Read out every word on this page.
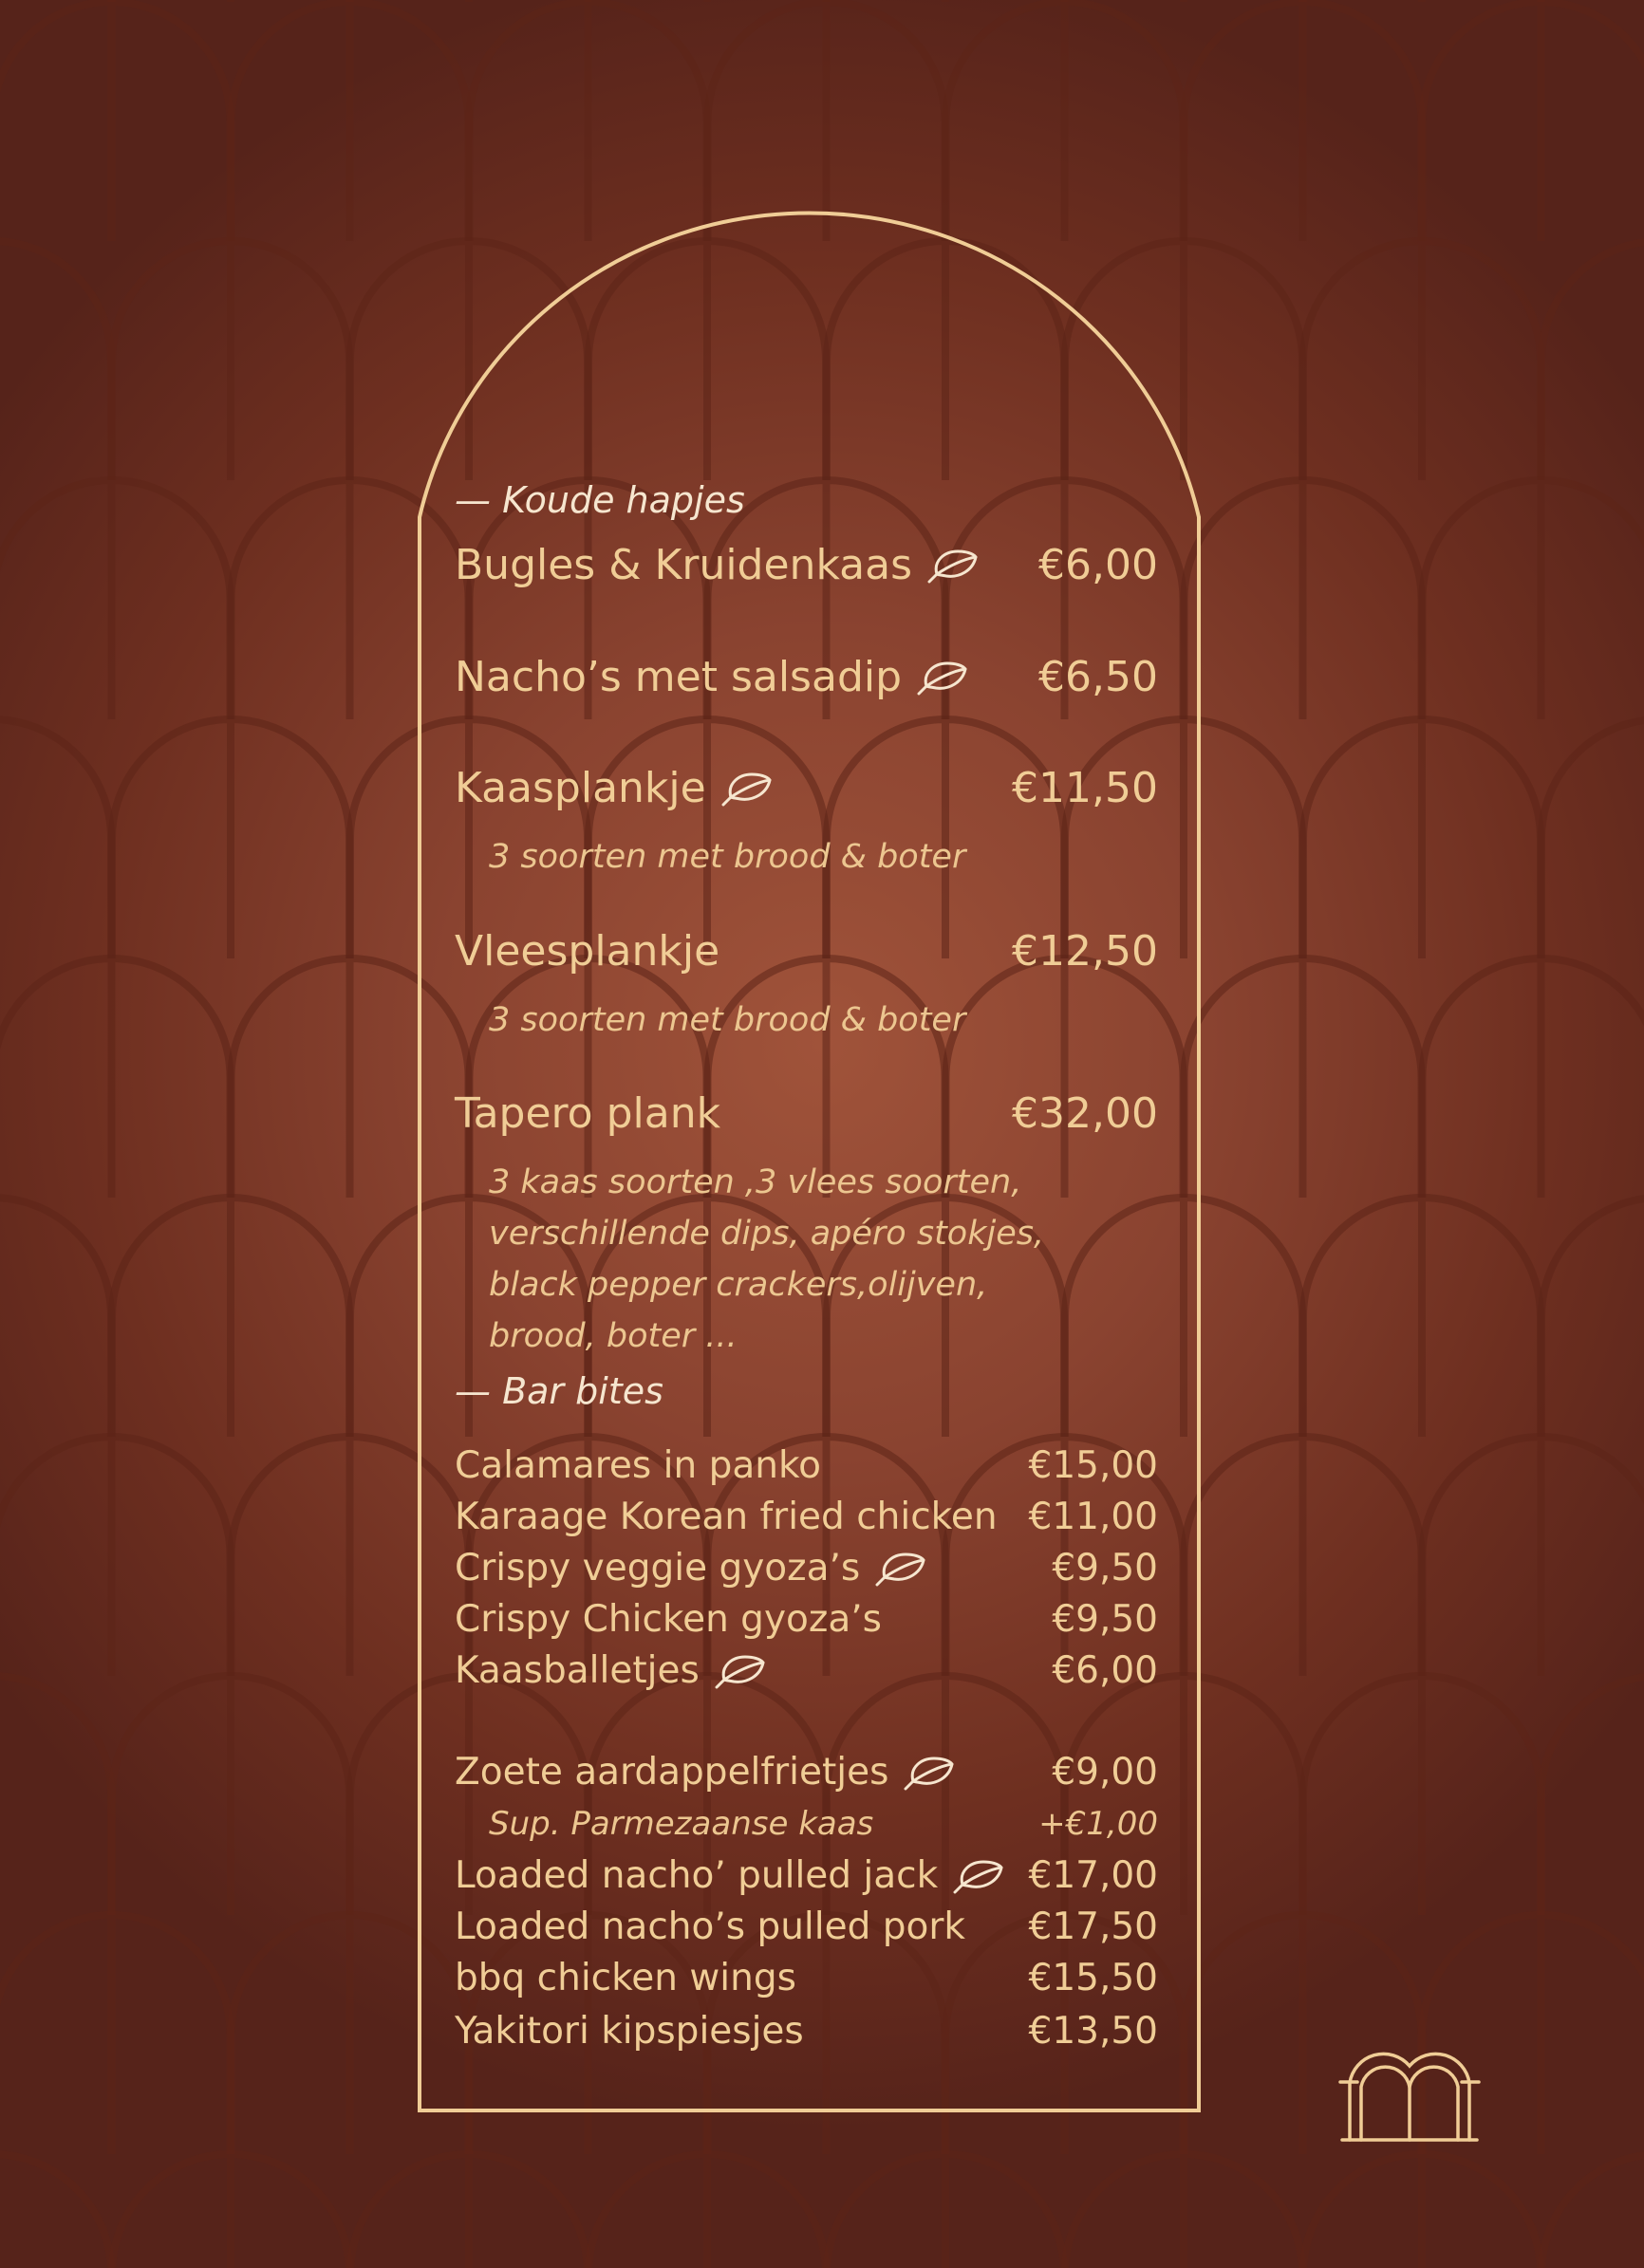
— Koude hapjes
Bugles & Kruidenkaas	€6,00
Nacho’s met salsadip	€6,50
Kaasplankje	€11,50
3 soorten met brood & boter
Vleesplankje	€12,50
3 soorten met brood & boter
Tapero plank	€32,00
3 kaas soorten ,3 vlees soorten,
verschillende dips, apéro stokjes,
black pepper crackers,olijven,
brood, boter ...
— Bar bites
Calamares in panko	€15,00
Karaage Korean fried chicken €11,00
Crispy veggie gyoza’s	€9,50
Crispy Chicken gyoza’s	€9,50
Kaasballetjes	€6,00
Zoete aardappelfrietjes	€9,00
Sup. Parmezaanse kaas	+€1,00
Loaded nacho’ pulled jack €17,00
Loaded nacho’s pulled pork €17,50
bbq chicken wings	€15,50
Yakitori kipspiesjes	€13,50
